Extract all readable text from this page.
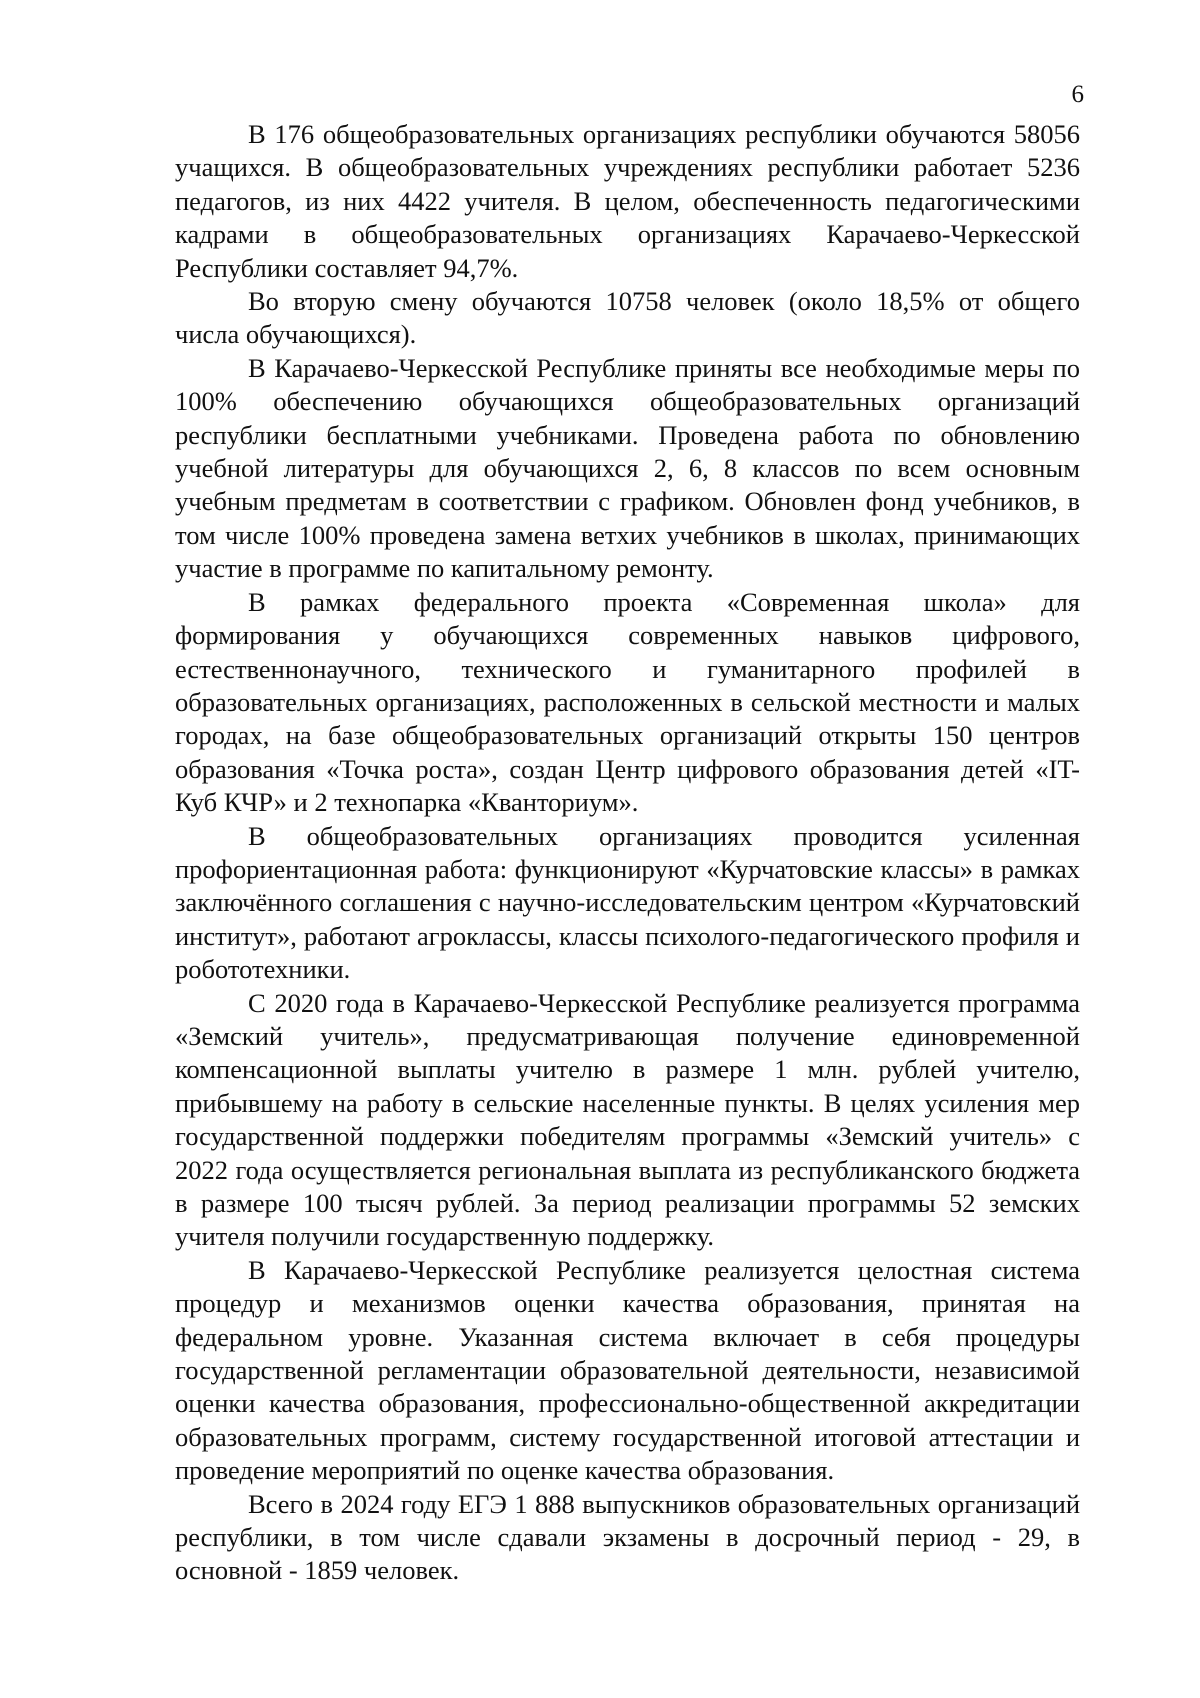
6

В 176 общеобразовательных организациях республики обучаются 58056 учащихся. В общеобразовательных учреждениях республики работает 5236 педагогов, из них 4422 учителя. В целом, обеспеченность педагогическими кадрами в общеобразовательных организациях Карачаево-Черкесской Республики составляет 94,7%.

Во вторую смену обучаются 10758 человек (около 18,5% от общего числа обучающихся).

В Карачаево-Черкесской Республике приняты все необходимые меры по 100% обеспечению обучающихся общеобразовательных организаций республики бесплатными учебниками. Проведена работа по обновлению учебной литературы для обучающихся 2, 6, 8 классов по всем основным учебным предметам в соответствии с графиком. Обновлен фонд учебников, в том числе 100% проведена замена ветхих учебников в школах, принимающих участие в программе по капитальному ремонту.

В рамках федерального проекта «Современная школа» для формирования у обучающихся современных навыков цифрового, естественнонаучного, технического и гуманитарного профилей в образовательных организациях, расположенных в сельской местности и малых городах, на базе общеобразовательных организаций открыты 150 центров образования «Точка роста», создан Центр цифрового образования детей «IT-Куб КЧР» и 2 технопарка «Кванториум».

В общеобразовательных организациях проводится усиленная профориентационная работа: функционируют «Курчатовские классы» в рамках заключённого соглашения с научно-исследовательским центром «Курчатовский институт», работают агроклассы, классы психолого-педагогического профиля и робототехники.

С 2020 года в Карачаево-Черкесской Республике реализуется программа «Земский учитель», предусматривающая получение единовременной компенсационной выплаты учителю в размере 1 млн. рублей учителю, прибывшему на работу в сельские населенные пункты. В целях усиления мер государственной поддержки победителям программы «Земский учитель» с 2022 года осуществляется региональная выплата из республиканского бюджета в размере 100 тысяч рублей. За период реализации программы 52 земских учителя получили государственную поддержку.

В Карачаево-Черкесской Республике реализуется целостная система процедур и механизмов оценки качества образования, принятая на федеральном уровне. Указанная система включает в себя процедуры государственной регламентации образовательной деятельности, независимой оценки качества образования, профессионально-общественной аккредитации образовательных программ, систему государственной итоговой аттестации и проведение мероприятий по оценке качества образования.

Всего в 2024 году ЕГЭ 1 888 выпускников образовательных организаций республики, в том числе сдавали экзамены в досрочный период - 29, в основной - 1859 человек.
